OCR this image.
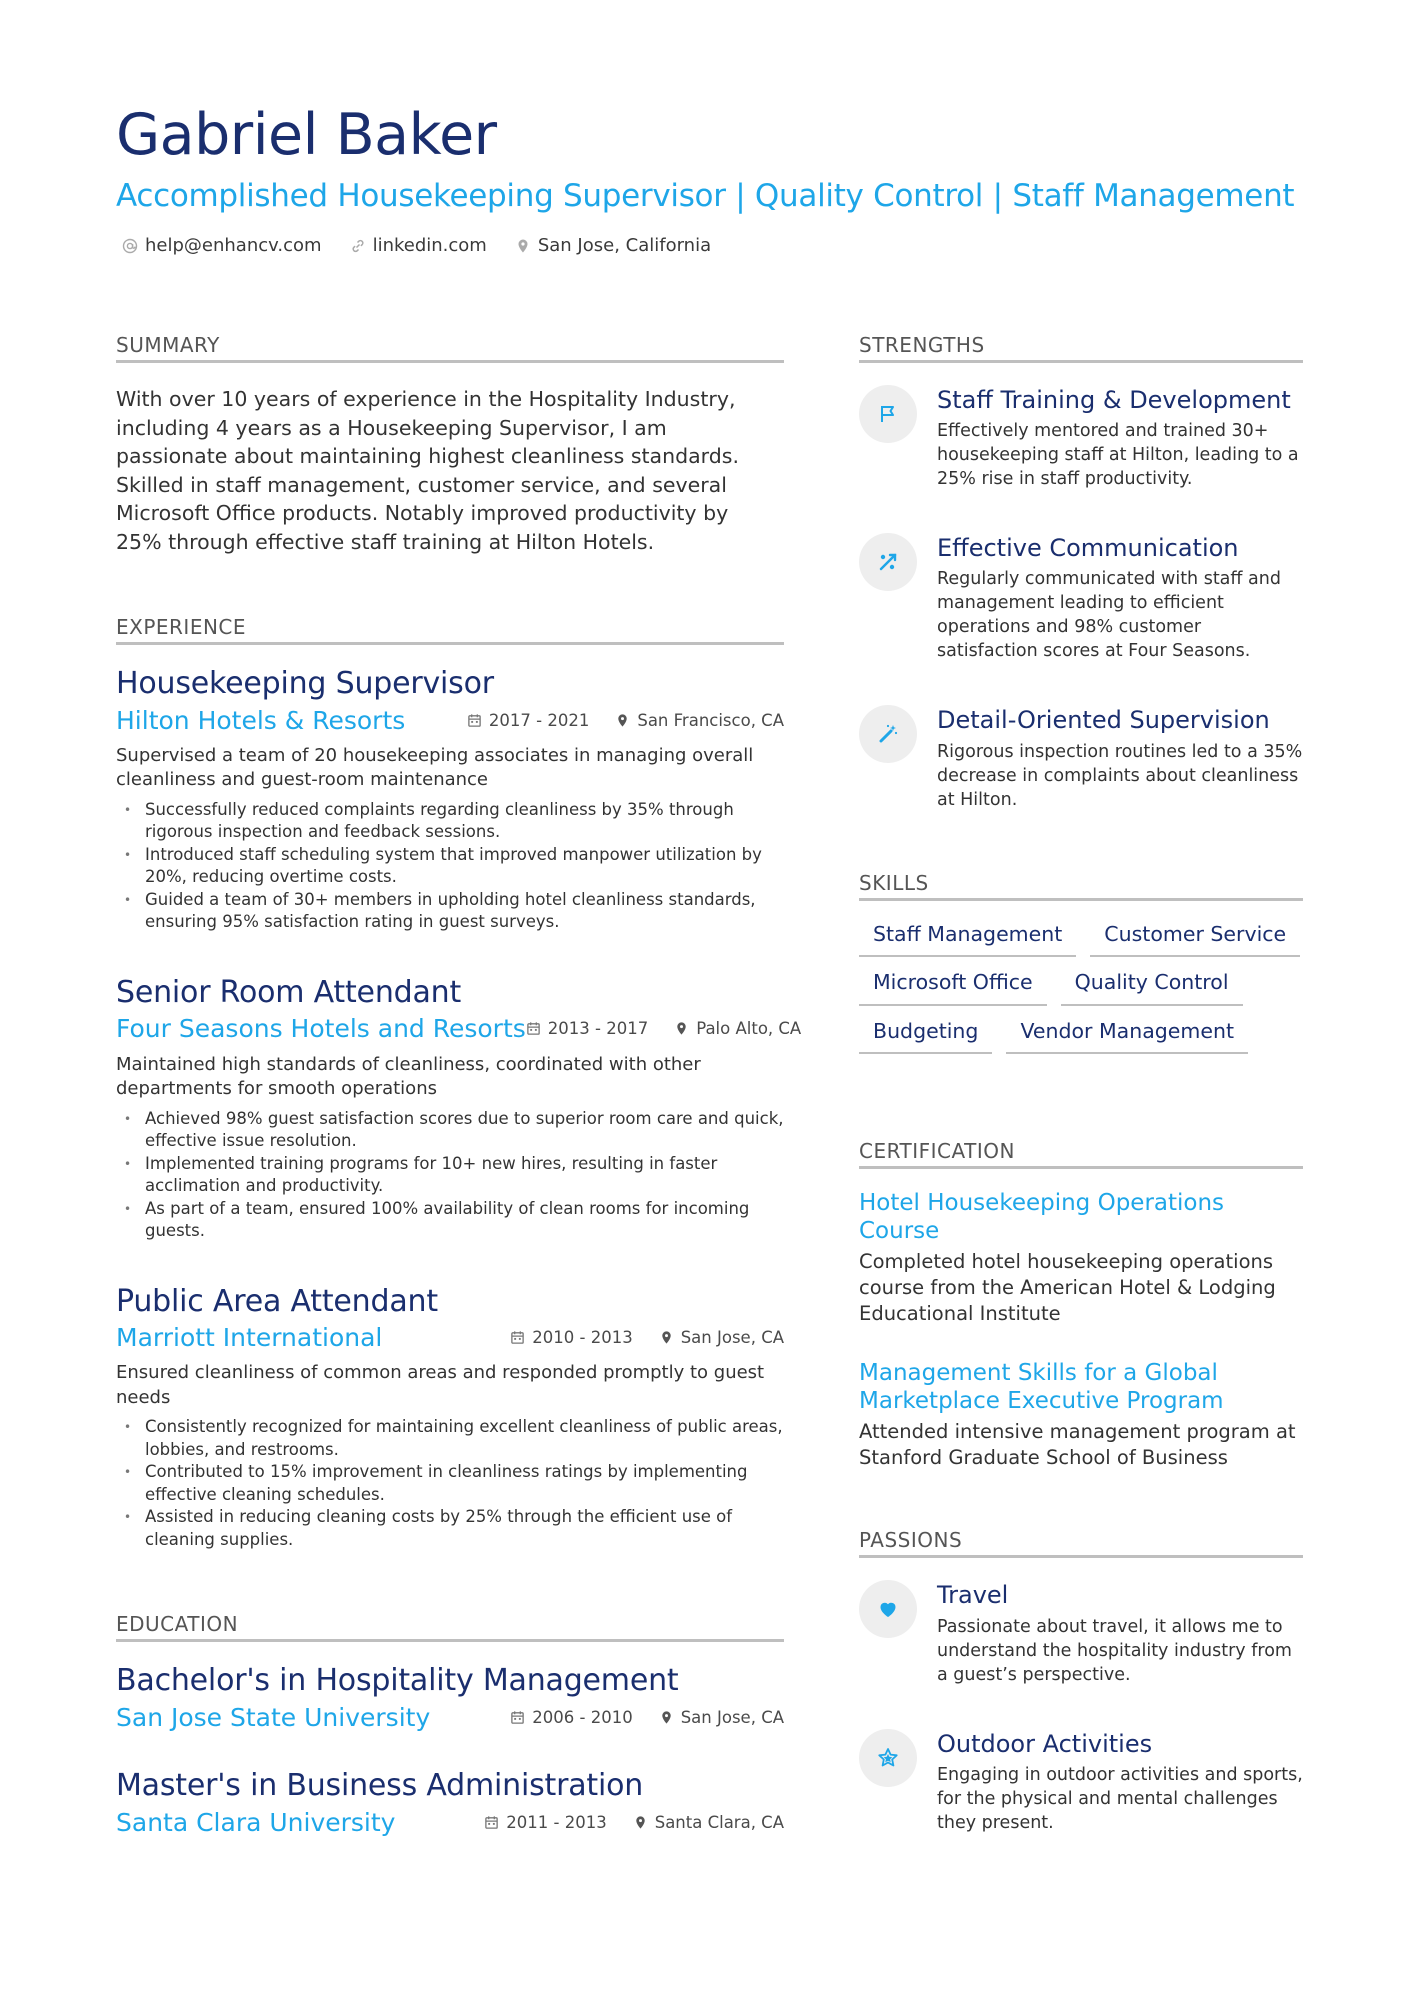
Gabriel Baker
Accomplished Housekeeping Supervisor | Quality Control | Staff Management
help@enhancv.com	linkedin.com	San Jose, California
SUMMARY
With over 10 years of experience in the Hospitality Industry, including 4 years as a Housekeeping Supervisor, I am passionate about maintaining highest cleanliness standards. Skilled in staff management, customer service, and several Microsoft Office products. Notably improved productivity by 25% through effective staff training at Hilton Hotels.
EXPERIENCE
Housekeeping Supervisor
Hilton Hotels & Resorts	2017 - 2021	San Francisco, CA
Supervised a team of 20 housekeeping associates in managing overall cleanliness and guest-room maintenance
• Successfully reduced complaints regarding cleanliness by 35% through rigorous inspection and feedback sessions.
• Introduced staff scheduling system that improved manpower utilization by 20%, reducing overtime costs.
• Guided a team of 30+ members in upholding hotel cleanliness standards, ensuring 95% satisfaction rating in guest surveys.
Senior Room Attendant
Four Seasons Hotels and Resorts 2013 - 2017	Palo Alto, CA
Maintained high standards of cleanliness, coordinated with other departments for smooth operations
• Achieved 98% guest satisfaction scores due to superior room care and quick, effective issue resolution.
• Implemented training programs for 10+ new hires, resulting in faster acclimation and productivity.
• As part of a team, ensured 100% availability of clean rooms for incoming guests.
Public Area Attendant
Marriott International	2010 - 2013	San Jose, CA
Ensured cleanliness of common areas and responded promptly to guest needs
• Consistently recognized for maintaining excellent cleanliness of public areas, lobbies, and restrooms.
• Contributed to 15% improvement in cleanliness ratings by implementing effective cleaning schedules.
• Assisted in reducing cleaning costs by 25% through the efficient use of cleaning supplies.
EDUCATION
Bachelor's in Hospitality Management
San Jose State University	2006 - 2010	San Jose, CA
Master's in Business Administration
Santa Clara University	2011 - 2013	Santa Clara, CA
STRENGTHS
Staff Training & Development
Effectively mentored and trained 30+ housekeeping staff at Hilton, leading to a 25% rise in staff productivity.
Effective Communication
Regularly communicated with staff and management leading to efficient operations and 98% customer satisfaction scores at Four Seasons.
Detail-Oriented Supervision
Rigorous inspection routines led to a 35% decrease in complaints about cleanliness at Hilton.
SKILLS
Staff Management	Customer Service
Microsoft Office	Quality Control
Budgeting	Vendor Management
CERTIFICATION
Hotel Housekeeping Operations Course
Completed hotel housekeeping operations course from the American Hotel & Lodging Educational Institute
Management Skills for a Global Marketplace Executive Program
Attended intensive management program at Stanford Graduate School of Business
PASSIONS
Travel
Passionate about travel, it allows me to understand the hospitality industry from a guest’s perspective.
Outdoor Activities
Engaging in outdoor activities and sports, for the physical and mental challenges they present.
